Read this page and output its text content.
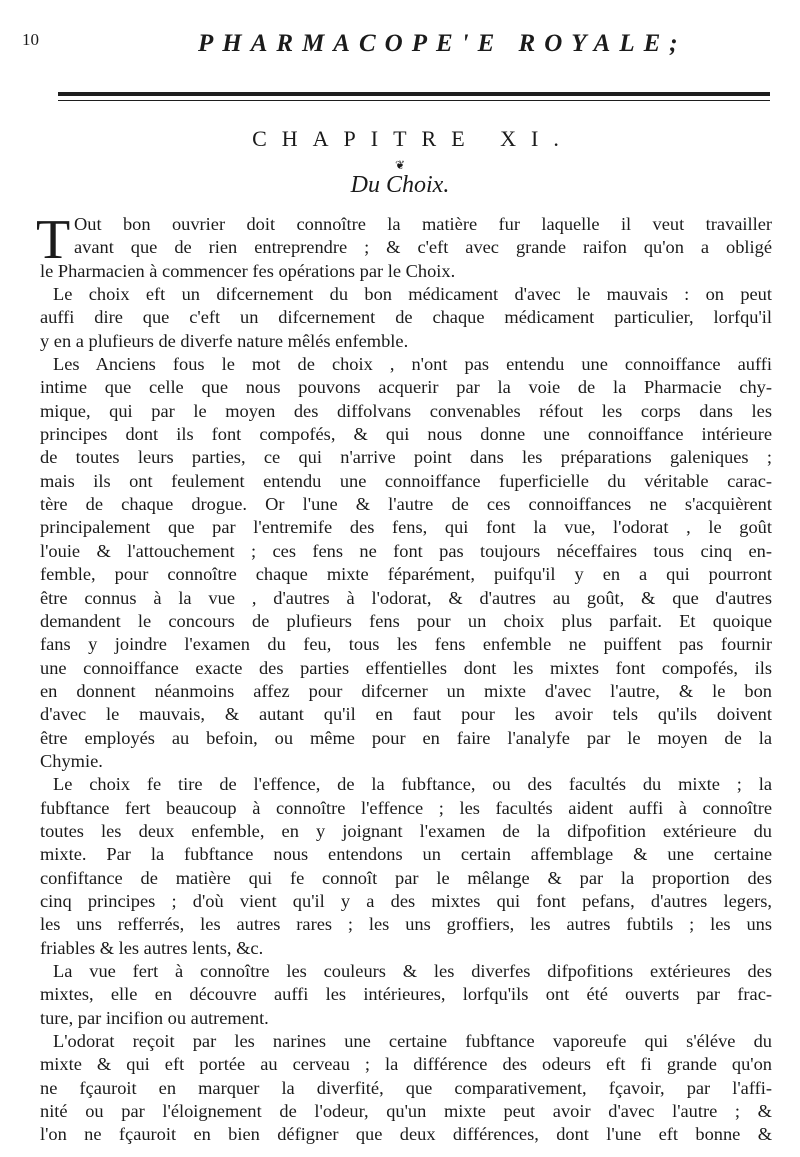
10	PHARMACOPE'E ROYALE;
CHAPITRE XI.
❦
Du Choix.
T Out bon ouvrier doit connoître la matière fur laquelle il veut travailler
avant que de rien entreprendre ; & c'eft avec grande raifon qu'on a obligé
le Pharmacien à commencer fes opérations par le Choix.
Le choix eft un difcernement du bon médicament d'avec le mauvais : on peut
auffi dire que c'eft un difcernement de chaque médicament particulier, lorfqu'il
y en a plufieurs de diverfe nature mêlés enfemble.
Les Anciens fous le mot de choix , n'ont pas entendu une connoiffance auffi
intime que celle que nous pouvons acquerir par la voie de la Pharmacie chy-
mique, qui par le moyen des diffolvans convenables réfout les corps dans les
principes dont ils font compofés, & qui nous donne une connoiffance intérieure
de toutes leurs parties, ce qui n'arrive point dans les préparations galeniques ;
mais ils ont feulement entendu une connoiffance fuperficielle du véritable carac-
tère de chaque drogue. Or l'une & l'autre de ces connoiffances ne s'acquièrent
principalement que par l'entremife des fens, qui font la vue, l'odorat , le goût
l'ouie & l'attouchement ; ces fens ne font pas toujours néceffaires tous cinq en-
femble, pour connoître chaque mixte féparément, puifqu'il y en a qui pourront
être connus à la vue , d'autres à l'odorat, & d'autres au goût, & que d'autres
demandent le concours de plufieurs fens pour un choix plus parfait. Et quoique
fans y joindre l'examen du feu, tous les fens enfemble ne puiffent pas fournir
une connoiffance exacte des parties effentielles dont les mixtes font compofés, ils
en donnent néanmoins affez pour difcerner un mixte d'avec l'autre, & le bon
d'avec le mauvais, & autant qu'il en faut pour les avoir tels qu'ils doivent
être employés au befoin, ou même pour en faire l'analyfe par le moyen de la
Chymie.
Le choix fe tire de l'effence, de la fubftance, ou des facultés du mixte ; la
fubftance fert beaucoup à connoître l'effence ; les facultés aident auffi à connoître
toutes les deux enfemble, en y joignant l'examen de la difpofition extérieure du
mixte. Par la fubftance nous entendons un certain affemblage & une certaine
confiftance de matière qui fe connoît par le mêlange & par la proportion des
cinq principes ; d'où vient qu'il y a des mixtes qui font pefans, d'autres legers,
les uns refferrés, les autres rares ; les uns groffiers, les autres fubtils ; les uns
friables & les autres lents, &c.
La vue fert à connoître les couleurs & les diverfes difpofitions extérieures des
mixtes, elle en découvre auffi les intérieures, lorfqu'ils ont été ouverts par frac-
ture, par incifion ou autrement.
L'odorat reçoit par les narines une certaine fubftance vaporeufe qui s'éléve du
mixte & qui eft portée au cerveau ; la différence des odeurs eft fi grande qu'on
ne fçauroit en marquer la diverfité, que comparativement, fçavoir, par l'affi-
nité ou par l'éloignement de l'odeur, qu'un mixte peut avoir d'avec l'autre ; &
l'on ne fçauroit en bien défigner que deux différences, dont l'une eft bonne &
